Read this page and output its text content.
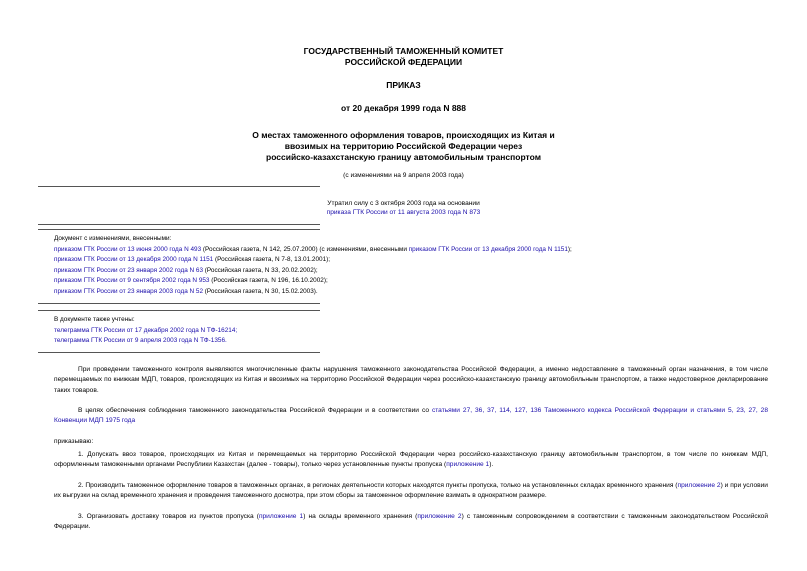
ГОСУДАРСТВЕННЫЙ ТАМОЖЕННЫЙ КОМИТЕТ
РОССИЙСКОЙ ФЕДЕРАЦИИ
ПРИКАЗ
от 20 декабря 1999 года N 888
О местах таможенного оформления товаров, происходящих из Китая и
ввозимых на территорию Российской Федерации через
российско-казахстанскую границу автомобильным транспортом
(с изменениями на 9 апреля 2003 года)
Утратил силу с 3 октября 2003 года на основании
приказа ГТК России от 11 августа 2003 года N 873
Документ с изменениями, внесенными:
приказом ГТК России от 13 июня 2000 года N 493 (Российская газета, N 142, 25.07.2000) (с изменениями, внесенными приказом ГТК России от 13 декабря 2000 года N 1151);
приказом ГТК России от 13 декабря 2000 года N 1151 (Российская газета, N 7-8, 13.01.2001);
приказом ГТК России от 23 января 2002 года N 63 (Российская газета, N 33, 20.02.2002);
приказом ГТК России от 9 сентября 2002 года N 953 (Российская газета, N 196, 16.10.2002);
приказом ГТК России от 23 января 2003 года N 52 (Российская газета, N 30, 15.02.2003).
В документе также учтены:
телеграмма ГТК России от 17 декабря 2002 года N ТФ-16214;
телеграмма ГТК России от 9 апреля 2003 года N ТФ-1356.
При проведении таможенного контроля выявляются многочисленные факты нарушения таможенного законодательства Российской Федерации, а именно недоставление в таможенный орган назначения, в том числе перемещаемых по книжкам МДП, товаров, происходящих из Китая и ввозимых на территорию Российской Федерации через российско-казахстанскую границу автомобильным транспортом, а также недостоверное декларирование таких товаров.
В целях обеспечения соблюдения таможенного законодательства Российской Федерации и в соответствии со статьями 27, 36, 37, 114, 127, 136 Таможенного кодекса Российской Федерации и статьями 5, 23, 27, 28 Конвенции МДП 1975 года
приказываю:
1. Допускать ввоз товаров, происходящих из Китая и перемещаемых на территорию Российской Федерации через российско-казахстанскую границу автомобильным транспортом, в том числе по книжкам МДП, оформленным таможенными органами Республики Казахстан (далее - товары), только через установленные пункты пропуска (приложение 1).
2. Производить таможенное оформление товаров в таможенных органах, в регионах деятельности которых находятся пункты пропуска, только на установленных складах временного хранения (приложение 2) и при условии их выгрузки на склад временного хранения и проведения таможенного досмотра, при этом сборы за таможенное оформление взимать в однократном размере.
3. Организовать доставку товаров из пунктов пропуска (приложение 1) на склады временного хранения (приложение 2) с таможенным сопровождением в соответствии с таможенным законодательством Российской Федерации.
